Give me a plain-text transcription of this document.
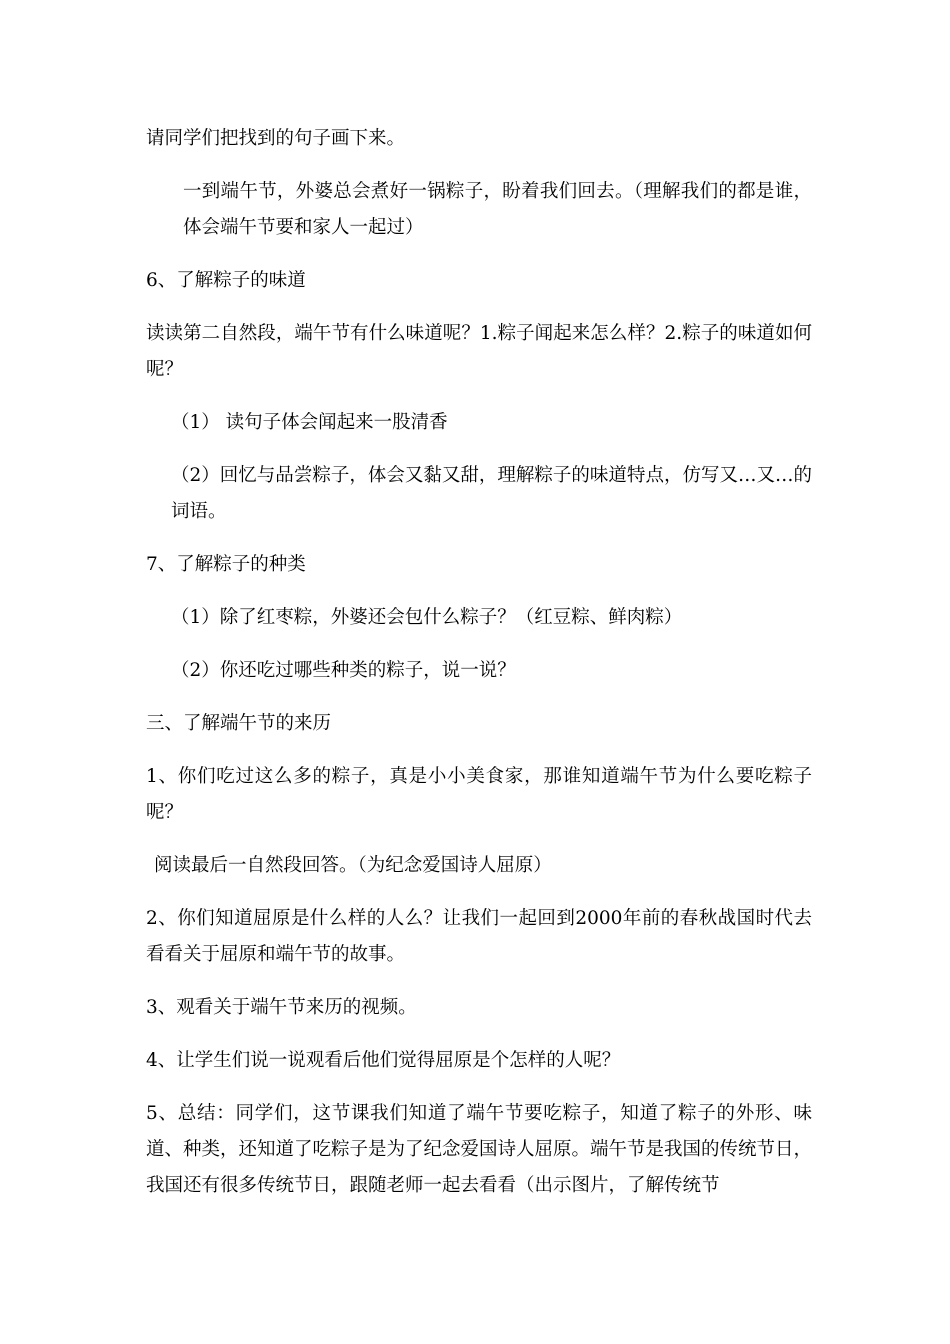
请同学们把找到的句子画下来。

一到端午节，外婆总会煮好一锅粽子，盼着我们回去。（理解我们的都是谁，体会端午节要和家人一起过）

6、了解粽子的味道

读读第二自然段，端午节有什么味道呢？1.粽子闻起来怎么样？2.粽子的味道如何呢？

（1） 读句子体会闻起来一股清香

（2）回忆与品尝粽子，体会又黏又甜，理解粽子的味道特点，仿写又…又…的词语。

7、了解粽子的种类

（1）除了红枣粽，外婆还会包什么粽子？（红豆粽、鲜肉粽）

（2）你还吃过哪些种类的粽子，说一说？

三、了解端午节的来历

1、你们吃过这么多的粽子，真是小小美食家，那谁知道端午节为什么要吃粽子呢？

阅读最后一自然段回答。（为纪念爱国诗人屈原）

2、你们知道屈原是什么样的人么？让我们一起回到2000年前的春秋战国时代去看看关于屈原和端午节的故事。

3、观看关于端午节来历的视频。

4、让学生们说一说观看后他们觉得屈原是个怎样的人呢？

5、总结：同学们，这节课我们知道了端午节要吃粽子，知道了粽子的外形、味道、种类，还知道了吃粽子是为了纪念爱国诗人屈原。端午节是我国的传统节日，我国还有很多传统节日，跟随老师一起去看看（出示图片，了解传统节
